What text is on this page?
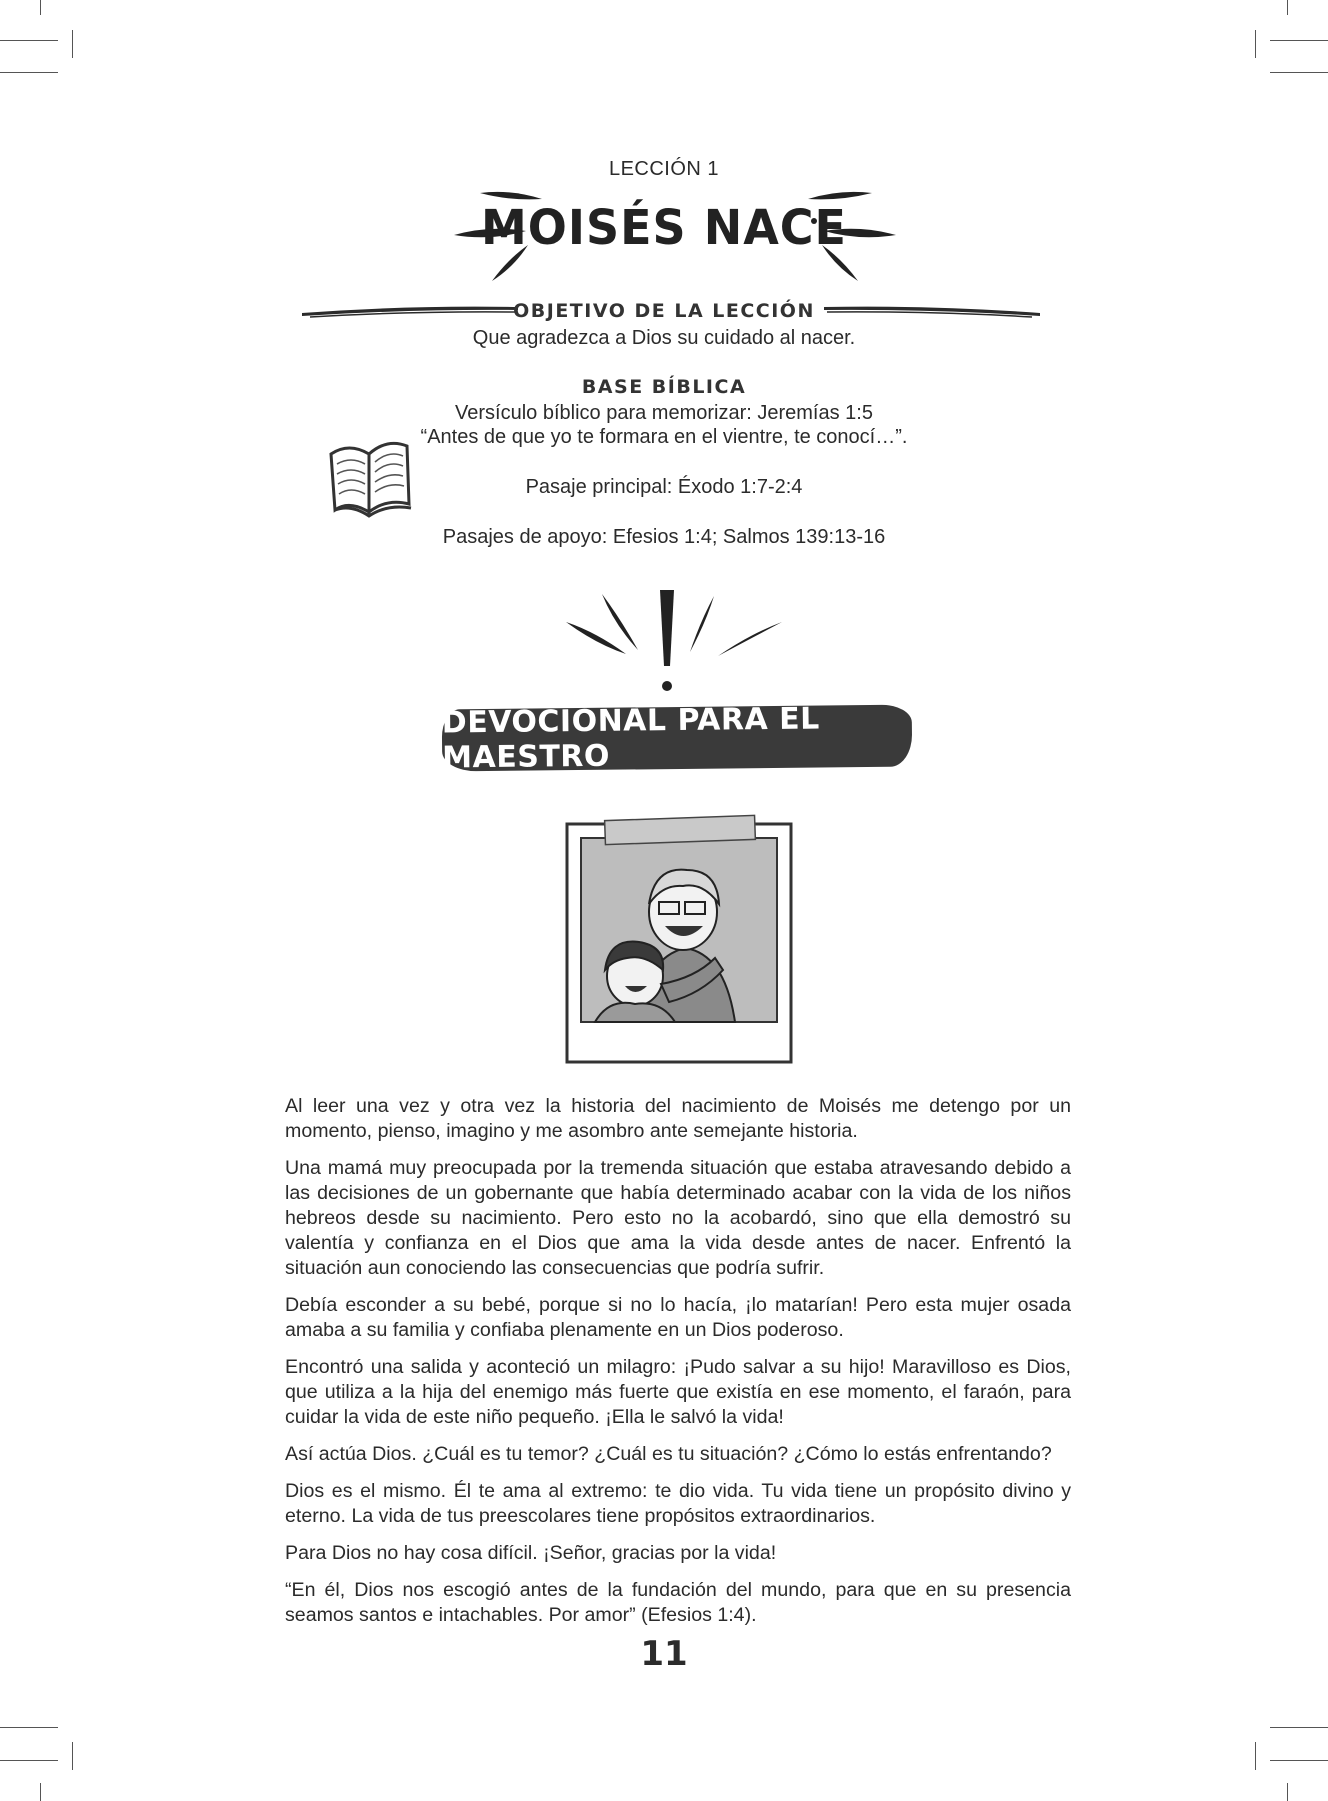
LECCIÓN 1
MOISÉS NACE
OBJETIVO DE LA LECCIÓN
Que agradezca a Dios su cuidado al nacer.
BASE BÍBLICA
Versículo bíblico para memorizar: Jeremías 1:5
“Antes de que yo te formara en el vientre, te conocí…”.
Pasaje principal: Éxodo 1:7-2:4
Pasajes de apoyo: Efesios 1:4; Salmos 139:13-16
DEVOCIONAL PARA EL MAESTRO

Al leer una vez y otra vez la historia del nacimiento de Moisés me detengo por un momento, pienso, imagino y me asombro ante semejante historia.

Una mamá muy preocupada por la tremenda situación que estaba atravesando debido a las decisiones de un gobernante que había determinado acabar con la vida de los niños hebreos desde su nacimiento. Pero esto no la acobardó, sino que ella demostró su valentía y confianza en el Dios que ama la vida desde antes de nacer. Enfrentó la situación aun conociendo las consecuencias que podría sufrir.

Debía esconder a su bebé, porque si no lo hacía, ¡lo matarían! Pero esta mujer osada amaba a su familia y confiaba plenamente en un Dios poderoso.

Encontró una salida y aconteció un milagro: ¡Pudo salvar a su hijo! Maravilloso es Dios, que utiliza a la hija del enemigo más fuerte que existía en ese momento, el faraón, para cuidar la vida de este niño pequeño. ¡Ella le salvó la vida!

Así actúa Dios. ¿Cuál es tu temor? ¿Cuál es tu situación? ¿Cómo lo estás enfrentando?

Dios es el mismo. Él te ama al extremo: te dio vida. Tu vida tiene un propósito divino y eterno. La vida de tus preescolares tiene propósitos extraordinarios.

Para Dios no hay cosa difícil. ¡Señor, gracias por la vida!

“En él, Dios nos escogió antes de la fundación del mundo, para que en su presencia seamos santos e intachables. Por amor” (Efesios 1:4).

11
